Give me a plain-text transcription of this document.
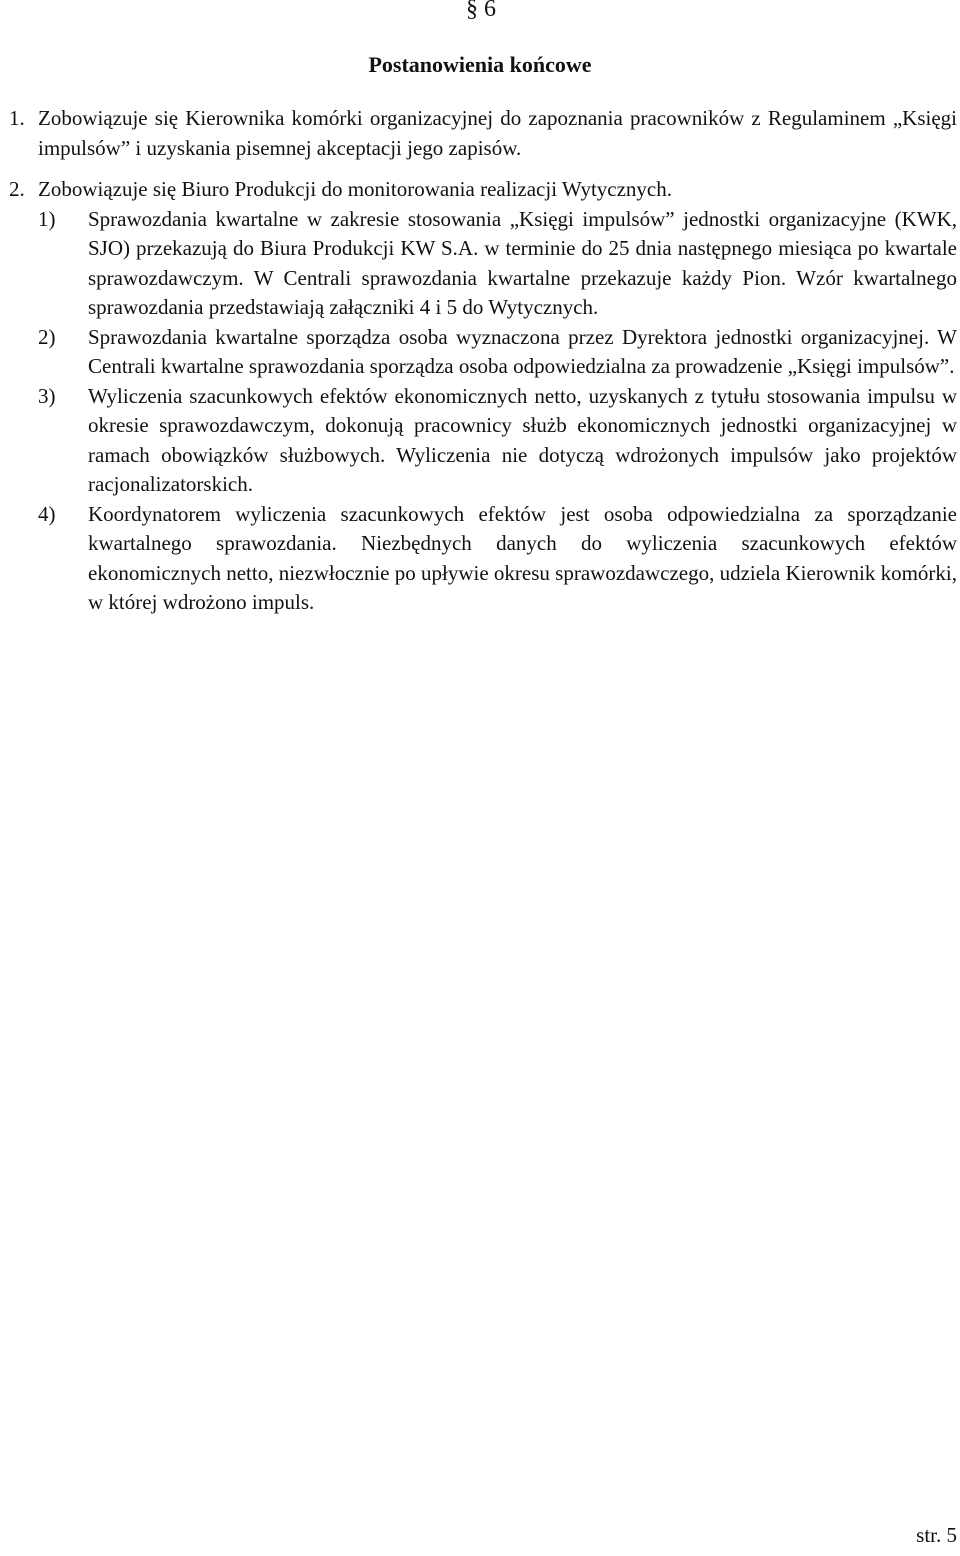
§ 6
Postanowienia końcowe
1. Zobowiązuje się Kierownika komórki organizacyjnej do zapoznania pracowników z Regulaminem „Księgi impulsów” i uzyskania pisemnej akceptacji jego zapisów.
2. Zobowiązuje się Biuro Produkcji do monitorowania realizacji Wytycznych.
1) Sprawozdania kwartalne w zakresie stosowania „Księgi impulsów” jednostki organizacyjne (KWK, SJO) przekazują do Biura Produkcji KW S.A. w terminie do 25 dnia następnego miesiąca po kwartale sprawozdawczym. W Centrali sprawozdania kwartalne przekazuje każdy Pion. Wzór kwartalnego sprawozdania przedstawiają załączniki 4 i 5 do Wytycznych.
2) Sprawozdania kwartalne sporządza osoba wyznaczona przez Dyrektora jednostki organizacyjnej. W Centrali kwartalne sprawozdania sporządza osoba odpowiedzialna za prowadzenie „Księgi impulsów”.
3) Wyliczenia szacunkowych efektów ekonomicznych netto, uzyskanych z tytułu stosowania impulsu w okresie sprawozdawczym, dokonują pracownicy służb ekonomicznych jednostki organizacyjnej w ramach obowiązków służbowych. Wyliczenia nie dotyczą wdrożonych impulsów jako projektów racjonalizatorskich.
4) Koordynatorem wyliczenia szacunkowych efektów jest osoba odpowiedzialna za sporządzanie kwartalnego sprawozdania. Niezbędnych danych do wyliczenia szacunkowych efektów ekonomicznych netto, niezwłocznie po upływie okresu sprawozdawczego, udziela Kierownik komórki, w której wdrożono impuls.
str. 5
